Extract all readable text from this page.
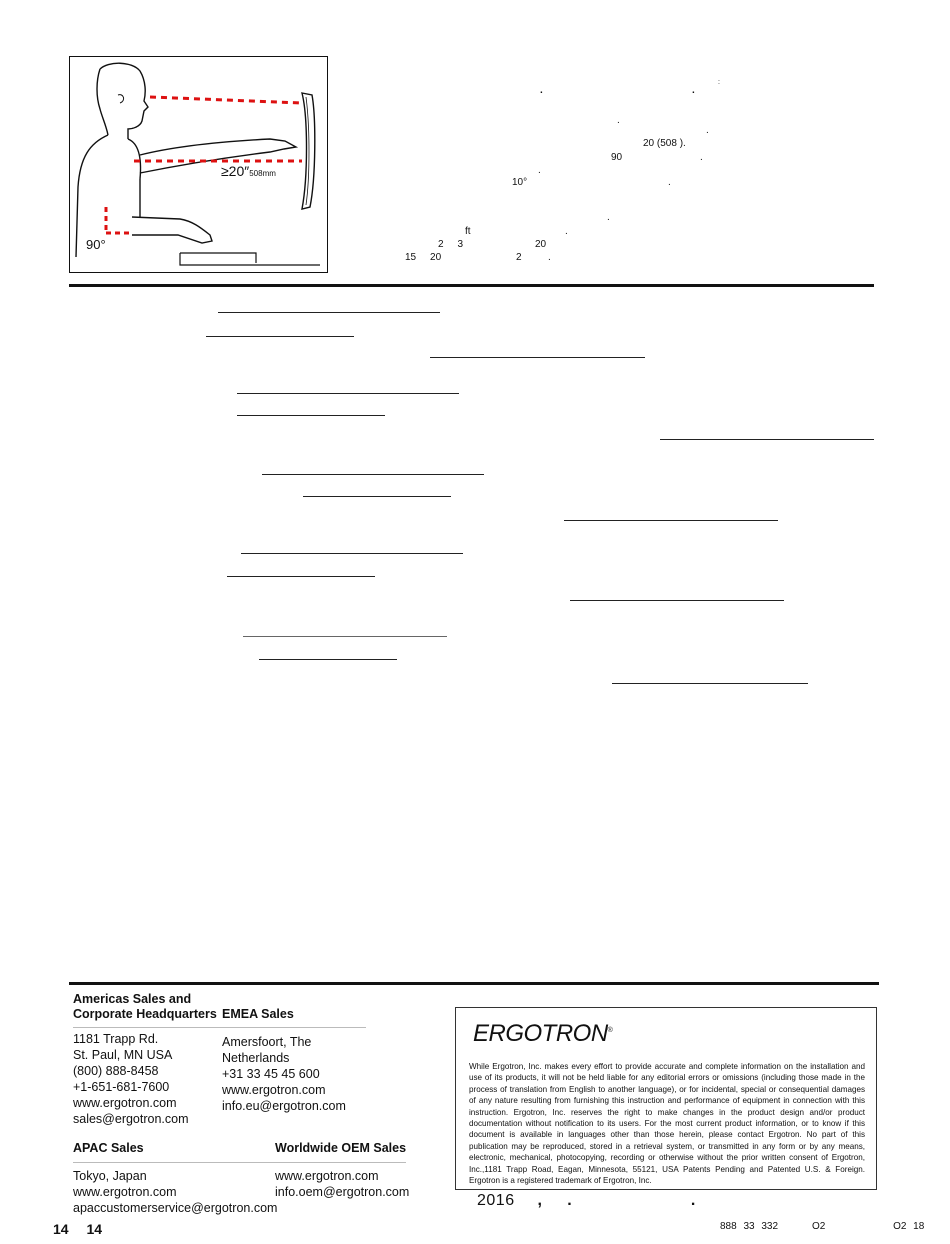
≥20″508mm
90°
:
.	.
.
.
20 (508 ).
90	.
.
10°	.
.
ft	.
2     3	20
15     20	2	.
Americas Sales and
Corporate Headquarters
1181 Trapp Rd.
St. Paul, MN USA
(800) 888-8458
+1-651-681-7600
www.ergotron.com
sales@ergotron.com
EMEA Sales
Amersfoort, The Netherlands
+31 33 45 45 600
www.ergotron.com
info.eu@ergotron.com
APAC Sales
Tokyo, Japan
www.ergotron.com
apaccustomerservice@ergotron.com
Worldwide OEM Sales
www.ergotron.com
info.oem@ergotron.com
ERGOTRON®
While Ergotron, Inc. makes every effort to provide accurate and complete information on the installation and use of its products, it will not be held liable for any editorial errors or omissions (including those made in the process of translation from English to another language), or for incidental, special or consequential damages of any nature resulting from furnishing this instruction and performance of equipment in connection with this instruction. Ergotron, Inc. reserves the right to make changes in the product design and/or product documentation without notification to its users. For the most current product information, or to know if this document is available in languages other than those herein, please contact Ergotron. No part of this publication may be reproduced, stored in a retrieval system, or transmitted in any form or by any means, electronic, mechanical, photocopying, recording or otherwise without the prior written consent of Ergotron, Inc.,1181 Trapp Road, Eagan, Minnesota, 55121, USA Patents Pending and Patented U.S. & Foreign. Ergotron is a registered trademark of Ergotron, Inc.
2016 ,     .                        .
14 14	888 33 332     O2          O2 18
